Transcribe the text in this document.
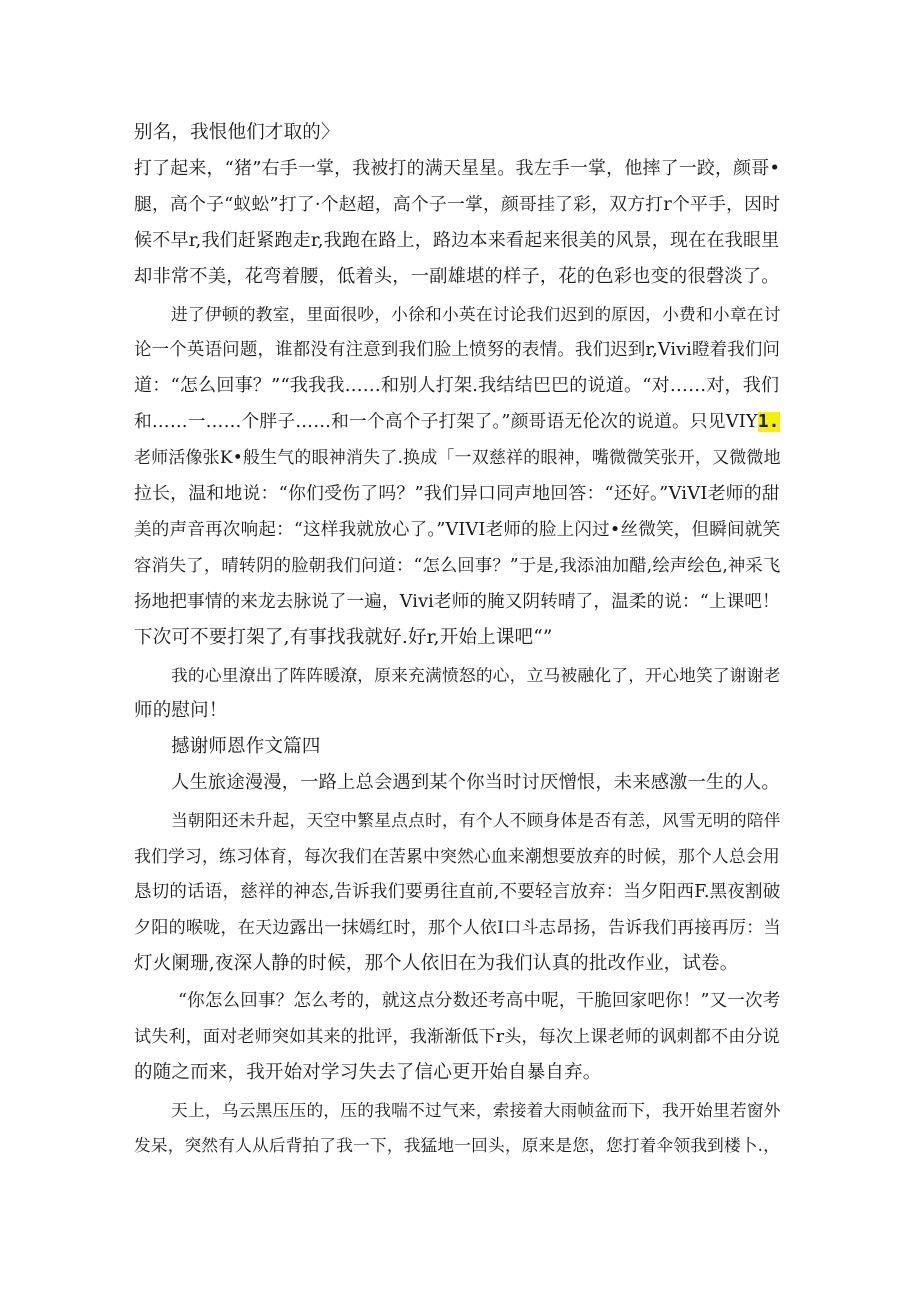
别名，我恨他们才取的〉
打了起来，“猪”右手一掌，我被打的满天星星。我左手一掌，他摔了一跤，颜哥•
腿，高个子“蚁蚣”打了·个赵超，高个子一掌，颜哥挂了彩，双方打r个平手，因时
候不早r,我们赶紧跑走r,我跑在路上，路边本来看起来很美的风景，现在在我眼里
却非常不美，花弯着腰，低着头，一副雄堪的样子，花的色彩也变的很磬淡了。
进了伊顿的教室，里面很吵，小徐和小英在讨论我们迟到的原因，小费和小章在讨
论一个英语问题，谁都没有注意到我们脸上愤努的表情。我们迟到r,Vivi瞪着我们问
道：“怎么回事？”“我我我……和别人打架.我结结巴巴的说道。“对……对，我们
和……一……个胖子……和一个高个子打架了。”颜哥语无伦次的说道。只见VIY1.
老师活像张K•般生气的眼神消失了.换成「一双慈祥的眼神，嘴微微笑张开，又微微地
拉长，温和地说：“你们受伤了吗？”我们异口同声地回答：“还好。”ViVI老师的甜
美的声音再次响起：“这样我就放心了。”VIVI老师的脸上闪过•丝微笑，但瞬间就笑
容消失了，晴转阴的脸朝我们问道：“怎么回事？”于是,我添油加醋,绘声绘色,神采飞
扬地把事情的来龙去脉说了一遍，Vivi老师的腌又阴转晴了，温柔的说：“上课吧！
下次可不要打架了,有事找我就好.好r,开始上课吧“”
我的心里潦出了阵阵暖潦，原来充满愤怒的心，立马被融化了，开心地笑了谢谢老
师的慰问！
撼谢师恩作文篇四
人生旅途漫漫，一路上总会遇到某个你当时讨厌憎恨，未来感激一生的人。
当朝阳还未升起，天空中繁星点点时，有个人不顾身体是否有恙，风雪无明的陪伴
我们学习，练习体育，每次我们在苦累中突然心血来潮想要放弃的时候，那个人总会用
恳切的话语，慈祥的神态,告诉我们要勇往直前,不要轻言放弃：当夕阳西F.黑夜割破
夕阳的喉咙，在天边露出一抹嫣红时，那个人依I口斗志昂扬，告诉我们再接再厉：当
灯火阑珊,夜深人静的时候，那个人依旧在为我们认真的批改作业，试卷。
“你怎么回事？怎么考的，就这点分数还考高中呢，干脆回家吧你！”又一次考
试失利，面对老师突如其来的批评，我渐渐低下r头，每次上课老师的讽刺都不由分说
的随之而来，我开始对学习失去了信心更开始自暴自弃。
天上，乌云黑压压的，压的我喘不过气来，索接着大雨帧盆而下，我开始里若窗外
发呆，突然有人从后背拍了我一下，我猛地一回头，原来是您，您打着伞领我到楼卜.，
